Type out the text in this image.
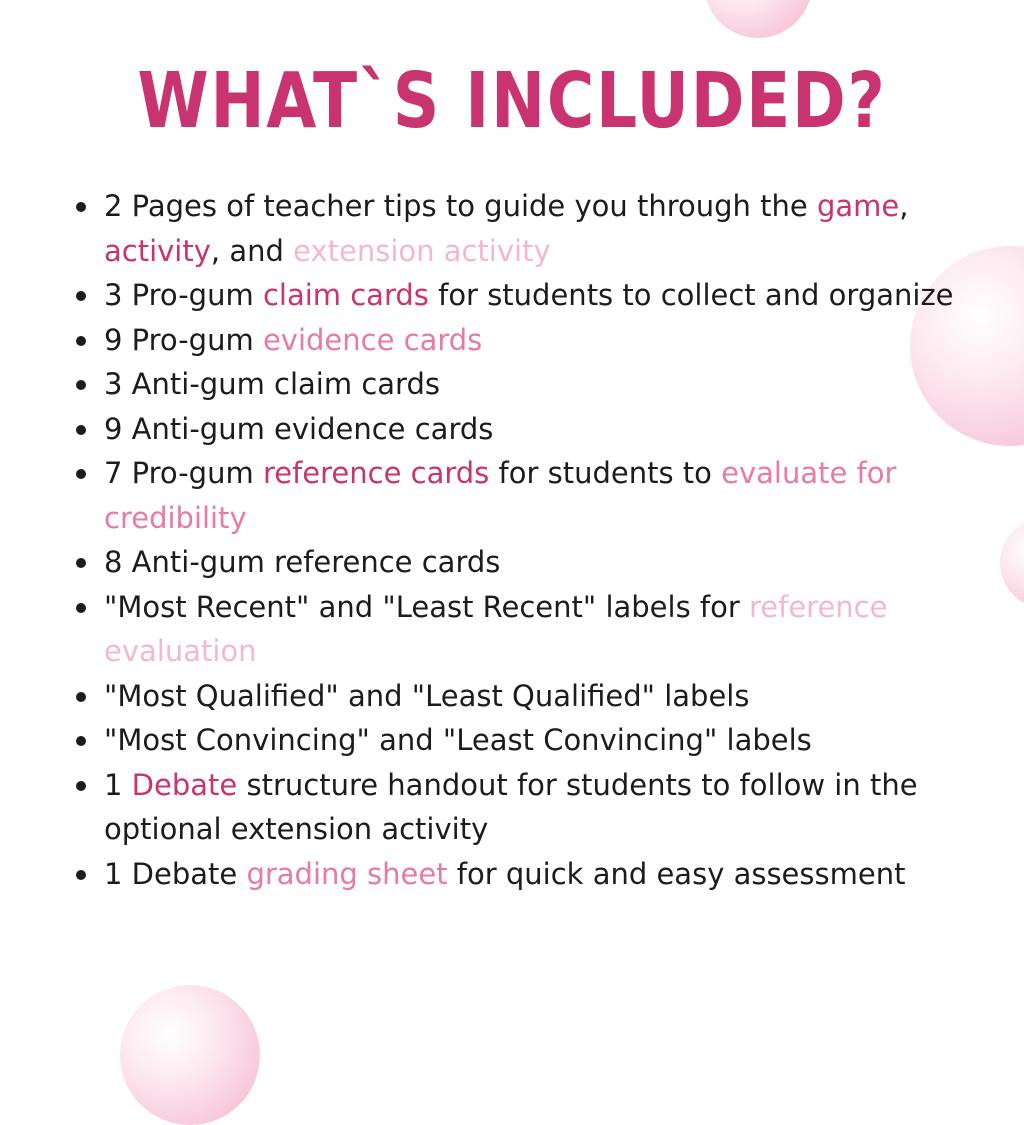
WHAT`S INCLUDED?
2 Pages of teacher tips to guide you through the game, activity, and extension activity
3 Pro-gum claim cards for students to collect and organize
9 Pro-gum evidence cards
3 Anti-gum claim cards
9 Anti-gum evidence cards
7 Pro-gum reference cards for students to evaluate for credibility
8 Anti-gum reference cards
"Most Recent" and "Least Recent" labels for reference evaluation
"Most Qualified" and "Least Qualified" labels
"Most Convincing" and "Least Convincing" labels
1 Debate structure handout for students to follow in the optional extension activity
1 Debate grading sheet for quick and easy assessment
